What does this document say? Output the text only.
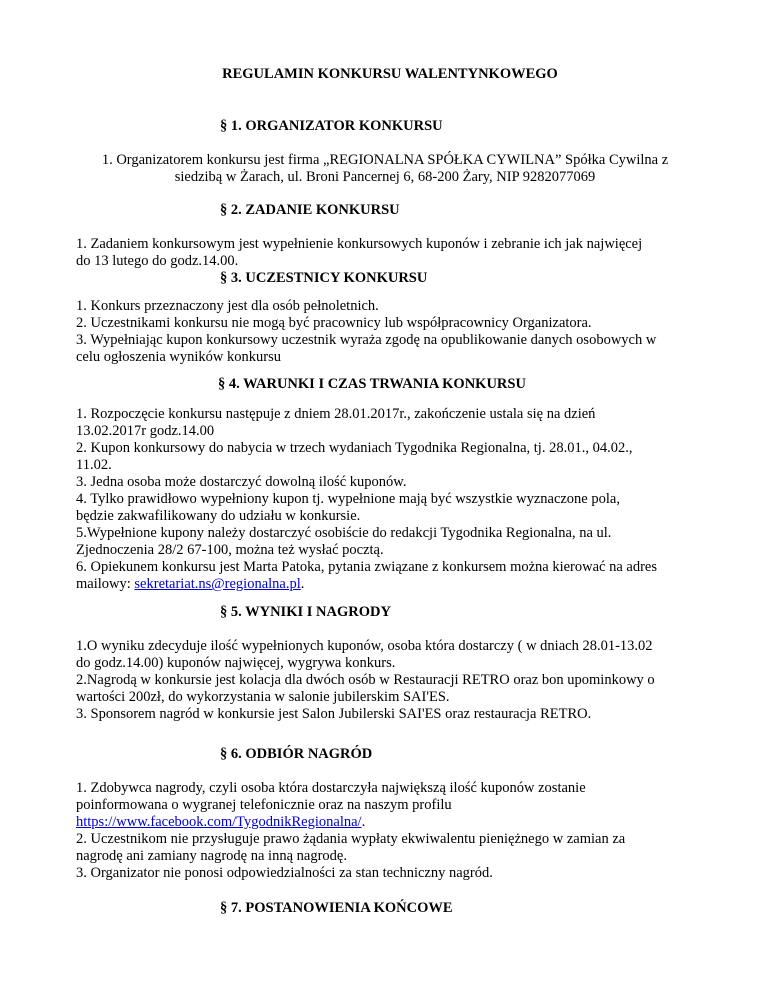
REGULAMIN KONKURSU WALENTYNKOWEGO
§ 1. ORGANIZATOR KONKURSU

1. Organizatorem konkursu jest firma „REGIONALNA SPÓŁKA CYWILNA” Spółka Cywilna z

siedzibą w Żarach, ul. Broni Pancernej 6, 68-200 Żary, NIP 9282077069

§ 2. ZADANIE KONKURSU

1. Zadaniem konkursowym jest wypełnienie konkursowych kuponów i zebranie ich jak najwięcej

do 13 lutego do godz.14.00.

§ 3. UCZESTNICY KONKURSU

1. Konkurs przeznaczony jest dla osób pełnoletnich.

2. Uczestnikami konkursu nie mogą być pracownicy lub współpracownicy Organizatora.

3. Wypełniając kupon konkursowy uczestnik wyraża zgodę na opublikowanie danych osobowych w

celu ogłoszenia wyników konkursu

§ 4. WARUNKI I CZAS TRWANIA KONKURSU

1. Rozpoczęcie konkursu następuje z dniem 28.01.2017r., zakończenie ustala się na dzień

13.02.2017r godz.14.00

2. Kupon konkursowy do nabycia w trzech wydaniach Tygodnika Regionalna, tj. 28.01., 04.02.,

11.02.

3. Jedna osoba może dostarczyć dowolną ilość kuponów.

4. Tylko prawidłowo wypełniony kupon tj. wypełnione mają być wszystkie wyznaczone pola,

będzie zakwafilikowany do udziału w konkursie.

5.Wypełnione kupony należy dostarczyć osobiście do redakcji Tygodnika Regionalna, na ul.

Zjednoczenia 28/2 67-100, można też wysłać pocztą.

6. Opiekunem konkursu jest Marta Patoka, pytania związane z konkursem można kierować na adres

mailowy: sekretariat.ns@regionalna.pl.

§ 5. WYNIKI I NAGRODY

1.O wyniku zdecyduje ilość wypełnionych kuponów, osoba która dostarczy ( w dniach 28.01-13.02

do godz.14.00) kuponów najwięcej, wygrywa konkurs.

2.Nagrodą w konkursie jest kolacja dla dwóch osób w Restauracji RETRO oraz bon upominkowy o

wartości 200zł, do wykorzystania w salonie jubilerskim SAI'ES.

3. Sponsorem nagród w konkursie jest Salon Jubilerski SAI'ES oraz restauracja RETRO.

§ 6. ODBIÓR NAGRÓD

1. Zdobywca nagrody, czyli osoba która dostarczyła największą ilość kuponów zostanie

poinformowana o wygranej telefonicznie oraz na naszym profilu

https://www.facebook.com/TygodnikRegionalna/.

2. Uczestnikom nie przysługuje prawo żądania wypłaty ekwiwalentu pieniężnego w zamian za

nagrodę ani zamiany nagrodę na inną nagrodę.

3. Organizator nie ponosi odpowiedzialności za stan techniczny nagród.

§ 7. POSTANOWIENIA KOŃCOWE
